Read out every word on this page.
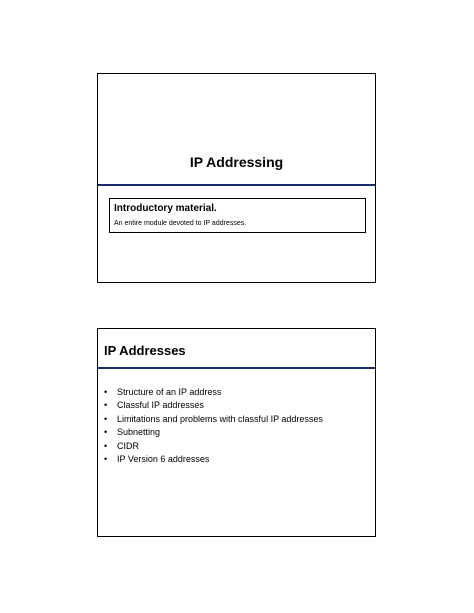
IP Addressing
Introductory material.
An entire module devoted to IP addresses.
IP Addresses
• Structure of an IP address
• Classful IP addresses
• Limitations and problems with classful IP addresses
• Subnetting
• CIDR
• IP Version 6 addresses
